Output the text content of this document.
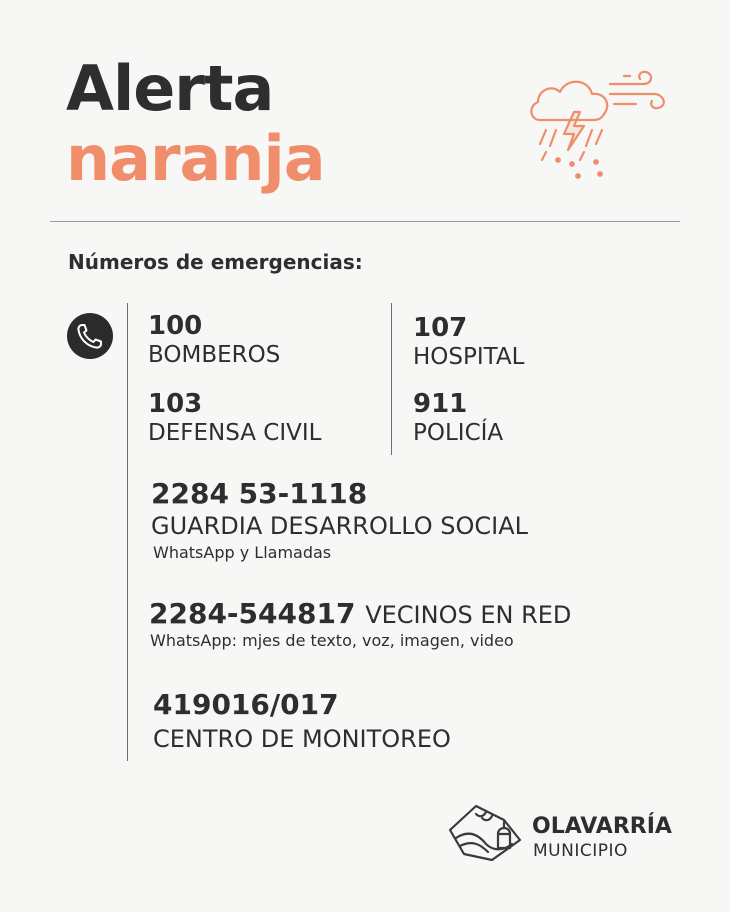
Alerta
naranja
Números de emergencias:
100
BOMBEROS
107
HOSPITAL
103
DEFENSA CIVIL
911
POLICÍA
2284 53-1118
GUARDIA DESARROLLO SOCIAL
WhatsApp y Llamadas
2284-544817 VECINOS EN RED
WhatsApp: mjes de texto, voz, imagen, video
419016/017
CENTRO DE MONITOREO
OLAVARRÍA
MUNICIPIO
